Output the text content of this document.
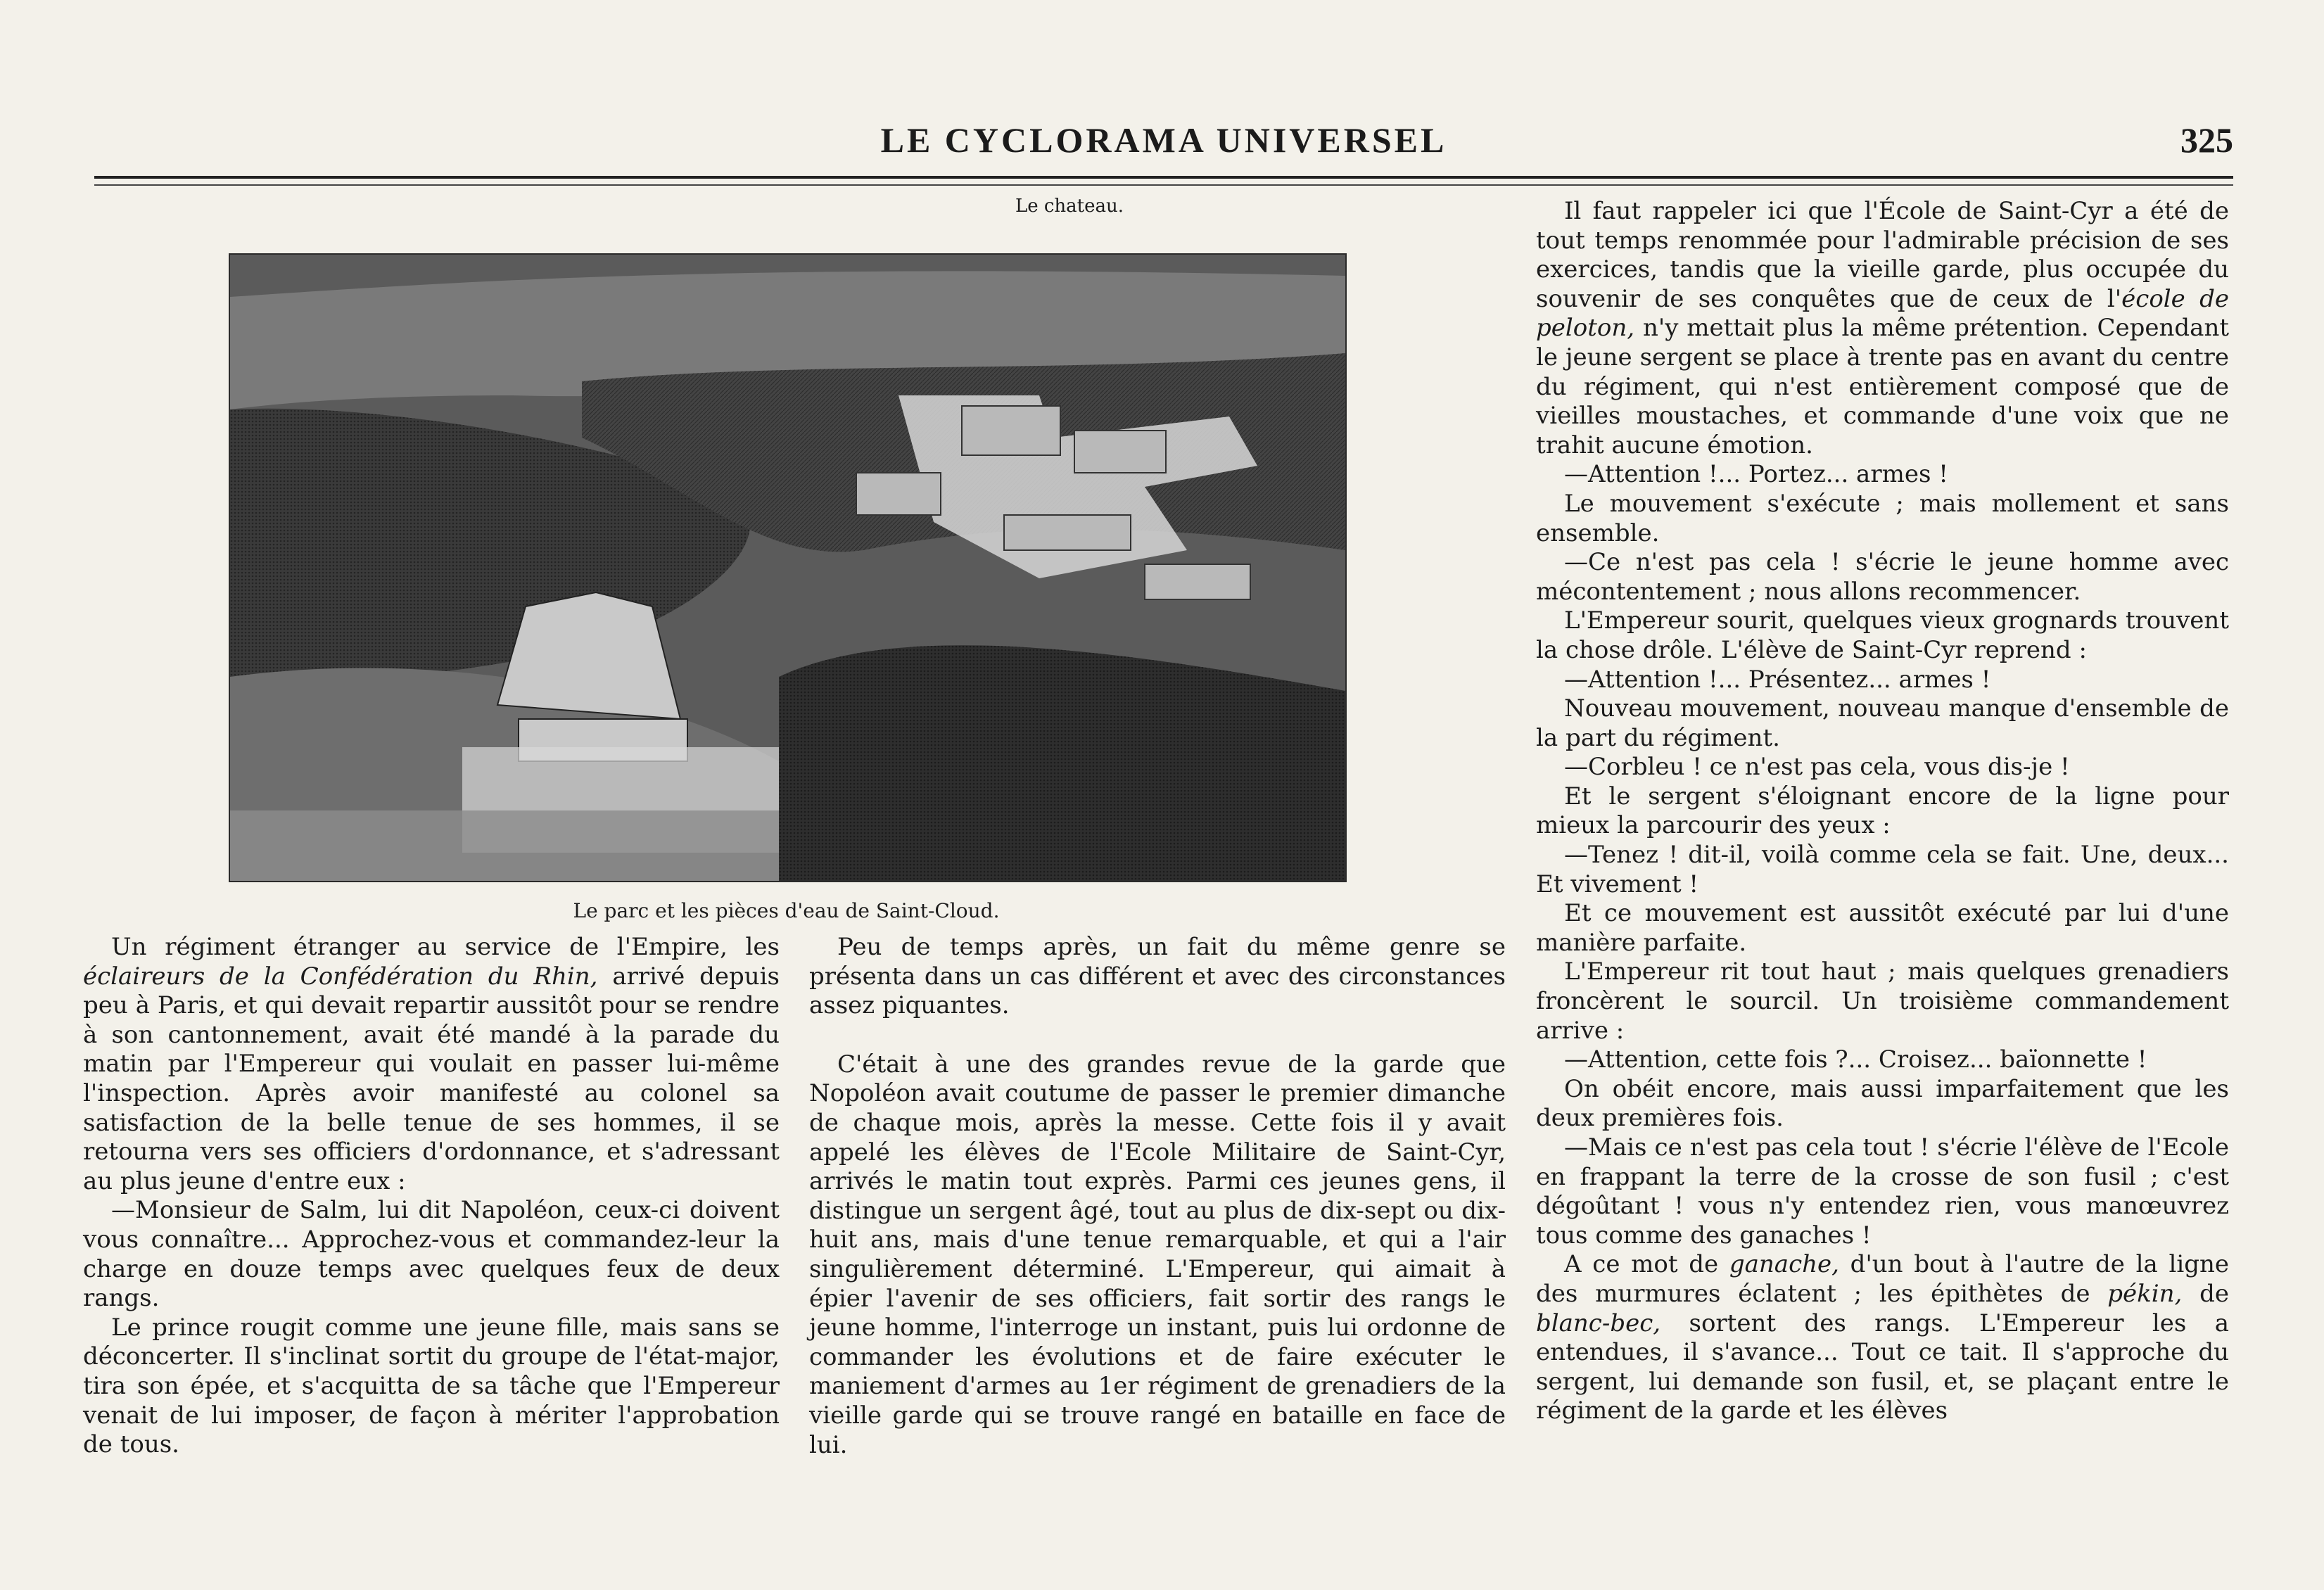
LE CYCLORAMA UNIVERSEL	325
Le chateau.
Le parc et les pièces d'eau de Saint-Cloud.

Un régiment étranger au service de l'Empire, les éclaireurs de la Confédération du Rhin, arrivé depuis peu à Paris, et qui devait repartir aussitôt pour se rendre à son cantonnement, avait été mandé à la parade du matin par l'Empereur qui voulait en passer lui-même l'inspection. Après avoir manifesté au colonel sa satisfaction de la belle tenue de ses hommes, il se retourna vers ses officiers d'ordonnance, et s'adressant au plus jeune d'entre eux :

—Monsieur de Salm, lui dit Napoléon, ceux-ci doivent vous connaître... Approchez-vous et commandez-leur la charge en douze temps avec quelques feux de deux rangs.

Le prince rougit comme une jeune fille, mais sans se déconcerter. Il s'inclinat sortit du groupe de l'état-major, tira son épée, et s'acquitta de sa tâche que l'Empereur venait de lui imposer, de façon à mériter l'approbation de tous.

Peu de temps après, un fait du même genre se présenta dans un cas différent et avec des circonstances assez piquantes.

C'était à une des grandes revue de la garde que Nopoléon avait coutume de passer le premier dimanche de chaque mois, après la messe. Cette fois il y avait appelé les élèves de l'Ecole Militaire de Saint-Cyr, arrivés le matin tout exprès. Parmi ces jeunes gens, il distingue un sergent âgé, tout au plus de dix-sept ou dix-huit ans, mais d'une tenue remarquable, et qui a l'air singulièrement déterminé. L'Empereur, qui aimait à épier l'avenir de ses officiers, fait sortir des rangs le jeune homme, l'interroge un instant, puis lui ordonne de commander les évolutions et de faire exécuter le maniement d'armes au 1er régiment de grenadiers de la vieille garde qui se trouve rangé en bataille en face de lui.

Il faut rappeler ici que l'École de Saint-Cyr a été de tout temps renommée pour l'admirable précision de ses exercices, tandis que la vieille garde, plus occupée du souvenir de ses conquêtes que de ceux de l'école de peloton, n'y mettait plus la même prétention. Cependant le jeune sergent se place à trente pas en avant du centre du régiment, qui n'est entièrement composé que de vieilles moustaches, et commande d'une voix que ne trahit aucune émotion.

—Attention !... Portez... armes !

Le mouvement s'exécute ; mais mollement et sans ensemble.

—Ce n'est pas cela ! s'écrie le jeune homme avec mécontentement ; nous allons recommencer.

L'Empereur sourit, quelques vieux grognards trouvent la chose drôle. L'élève de Saint-Cyr reprend :

—Attention !... Présentez... armes !

Nouveau mouvement, nouveau manque d'ensemble de la part du régiment.

—Corbleu ! ce n'est pas cela, vous dis-je !

Et le sergent s'éloignant encore de la ligne pour mieux la parcourir des yeux :

—Tenez ! dit-il, voilà comme cela se fait. Une, deux... Et vivement !

Et ce mouvement est aussitôt exécuté par lui d'une manière parfaite.

L'Empereur rit tout haut ; mais quelques grenadiers froncèrent le sourcil. Un troisième commandement arrive :

—Attention, cette fois ?... Croisez... baïonnette !

On obéit encore, mais aussi imparfaitement que les deux premières fois.

—Mais ce n'est pas cela tout ! s'écrie l'élève de l'Ecole en frappant la terre de la crosse de son fusil ; c'est dégoûtant ! vous n'y entendez rien, vous manœuvrez tous comme des ganaches !

A ce mot de ganache, d'un bout à l'autre de la ligne des murmures éclatent ; les épithètes de pékin, de blanc-bec, sortent des rangs. L'Empereur les a entendues, il s'avance... Tout ce tait. Il s'approche du sergent, lui demande son fusil, et, se plaçant entre le régiment de la garde et les élèves
